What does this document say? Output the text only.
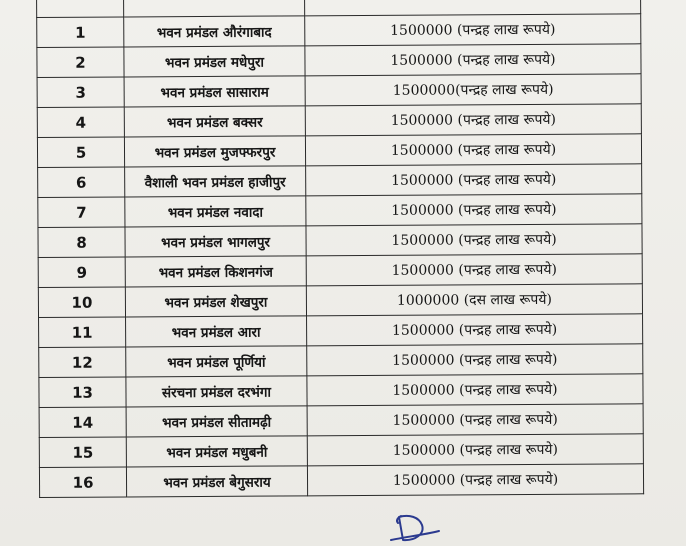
1	भवन प्रमंडल औरंगाबाद	1500000 (पन्द्रह लाख रूपये)
2	भवन प्रमंडल मधेपुरा	1500000 (पन्द्रह लाख रूपये)
3	भवन प्रमंडल सासाराम	1500000(पन्द्रह लाख रूपये)
4	भवन प्रमंडल बक्सर	1500000 (पन्द्रह लाख रूपये)
5	भवन प्रमंडल मुजफ्फरपुर	1500000 (पन्द्रह लाख रूपये)
6	वैशाली भवन प्रमंडल हाजीपुर	1500000 (पन्द्रह लाख रूपये)
7	भवन प्रमंडल नवादा	1500000 (पन्द्रह लाख रूपये)
8	भवन प्रमंडल भागलपुर	1500000 (पन्द्रह लाख रूपये)
9	भवन प्रमंडल किशनगंज	1500000 (पन्द्रह लाख रूपये)
10	भवन प्रमंडल शेखपुरा	1000000 (दस लाख रूपये)
11	भवन प्रमंडल आरा	1500000 (पन्द्रह लाख रूपये)
12	भवन प्रमंडल पूर्णियां	1500000 (पन्द्रह लाख रूपये)
13	संरचना प्रमंडल दरभंगा	1500000 (पन्द्रह लाख रूपये)
14	भवन प्रमंडल सीतामढ़ी	1500000 (पन्द्रह लाख रूपये)
15	भवन प्रमंडल मधुबनी	1500000 (पन्द्रह लाख रूपये)
16	भवन प्रमंडल बेगुसराय	1500000 (पन्द्रह लाख रूपये)
